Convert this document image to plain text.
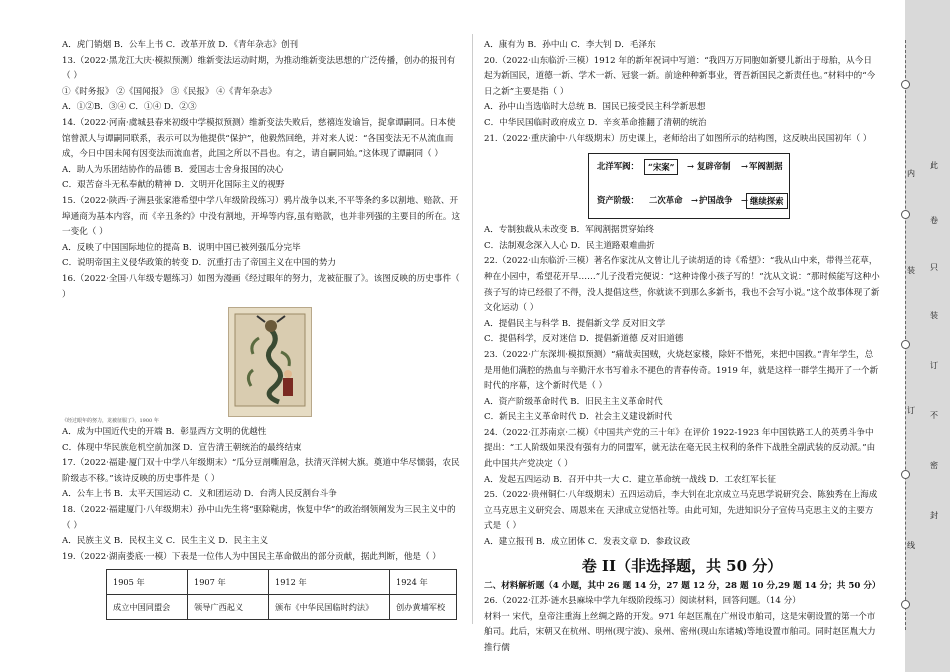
A．虎门销烟 B．公车上书 C．改革开放 D．《青年杂志》创刊

13.（2022·黑龙江大庆·模拟预测）维新变法运动时期，为推动维新变法思想的广泛传播，创办的报刊有（ ）

①《时务报》 ②《国闻报》 ③《民报》 ④《青年杂志》

A．①②B．③④ C．①④ D．②③

14.（2022·河南·虞城县春来初级中学模拟预测）维新变法失败后，慈禧连发谕旨，捉拿谭嗣同。日本使馆曾派人与谭嗣同联系，表示可以为他提供“保护”，他毅然回绝，并对来人说：“各国变法无不从流血而成，今日中国未闻有因变法而流血者，此国之所以不昌也。有之，请自嗣同始。”这体现了谭嗣同（ ）

A．助人为乐团结协作的品德 B．爱国志士舍身报国的决心

C．艰苦奋斗无私奉献的精神 D．文明开化国际主义的视野

15.（2022·陕西·子洲县张家港希望中学八年级阶段练习）鸦片战争以来,不平等条约多以割地、赔款、开埠通商为基本内容，而《辛丑条约》中没有割地，开埠等内容,虽有赔款，也并非列强的主要目的所在。这一变化（ ）

A．反映了中国国际地位的提高 B．说明中国已被列强瓜分完毕

C．说明帝国主义侵华政策的转变 D．沉重打击了帝国主义在中国的势力

16.（2022·全国·八年级专题练习）如图为漫画《经过眼年的努力，龙被征服了》。该图反映的历史事件（ ）

《经过眼年的努力，龙被征服了》，1900 年

A．成为中国近代史的开端 B．彰显西方文明的优越性

C．体现中华民族危机空前加深 D．宣告清王朝统治的最终结束

17.（2022·福建·厦门双十中学八年级期末）“瓜分豆剖嘶眉急，扶清灭洋树大旗。奠道中华尽懦弱，农民阶级志不移。”该诗反映的历史事件是（ ）

A．公车上书 B．太平天国运动 C．义和团运动 D．台湾人民反割台斗争

18.（2022·福建厦门·八年级期末）孙中山先生将“驱除鞑虏，恢复中华”的政治纲领阐发为三民主义中的（ ）

A．民族主义 B．民权主义 C．民生主义 D．民主主义

19.（2022·湖南娄底·一模）下表是一位伟人为中国民主革命做出的部分贡献，据此判断，他是（ ）

1905 年	1907 年	1912 年	1924 年
成立中国同盟会	领导广西起义	颁布《中华民国临时约法》	创办黄埔军校

A．康有为 B．孙中山 C．李大钊 D．毛泽东

20.（2022·山东临沂·三模）1912 年的新年祝词中写道：“我四万万同胞如新婴儿新出于母胎，从今日起为新国民，道德一新、学术一新、冠裳一新。前途种种新事业，胥吾新国民之新责任也。”材料中的“今日之新”主要是指（ ）

A．孙中山当选临时大总统 B．国民已接受民主科学新思想

C．中华民国临时政府成立 D．辛亥革命推翻了清朝的统治

21.（2022·重庆渝中·八年级期末）历史课上，老师给出了如图所示的结构图，这反映出民国初年（ ）

北洋军阀：	“宋案”	→ 复辟帝制	→ 军阀割据
资产阶级：	二次革命	→ 护国战争	→ 继续探索

A．专制独裁从未改变 B．军阀割据贯穿始终

C．法制观念深入人心 D．民主道路艰难曲折

22.（2022·山东临沂·三模）著名作家沈从文曾让儿子读胡适的诗《希望》：“我从山中来，带得兰花草，种在小园中，希望花开早……”儿子没看完便说：“这种诗像小孩子写的！”沈从文说：“那时候能写这种小孩子写的诗已经很了不得，没人提倡这些，你就读不到那么多新书，我也不会写小说。”这个故事体现了新文化运动（ ）

A．提倡民主与科学 B．提倡新文学 反对旧文学

C．提倡科学，反对迷信 D．提倡新道德 反对旧道德

23.（2022·广东深圳·模拟预测）“痛哉卖国贼，火烧赵家楼，除奸不惜死，来把中国救。”青年学生，总是用他们满腔的热血与辛勤汗水书写着永不褪色的青春传奇。1919 年，就是这样一群学生揭开了一个新时代的序幕，这个新时代是（ ）

A．资产阶级革命时代 B．旧民主主义革命时代

C．新民主主义革命时代 D．社会主义建设新时代

24.（2022·江苏南京·二模）《中国共产党的三十年》在评价 1922-1923 年中国铁路工人的英勇斗争中提出：“工人阶级如果没有强有力的同盟军，就无法在毫无民主权利的条件下战胜全副武装的反动派。”由此中国共产党决定（ ）

A．发起五四运动 B．召开中共一大 C．建立革命统一战线 D．工农红军长征

25.（2022·贵州铜仁·八年级期末）五四运动后，李大钊在北京成立马克思学说研究会、陈独秀在上海成立马克思主义研究会、周恩来在 天津成立觉悟社等。由此可知，先进知识分子宣传马克思主义的主要方式是（ ）

A．建立报刊 B．成立团体 C．发表文章 D．参政议政

卷 II（非选择题，共 50 分）

二、材料解析题（4 小题，其中 26 题 14 分，27 题 12 分，28 题 10 分,29 题 14 分；共 50 分）

26.（2022·江苏·涟水县麻垛中学九年级阶段练习）阅读材料，回答问题。（14 分）

材料一 宋代，皇帝注重海上丝绸之路的开发。971 年赵匡胤在广州设市舶司，这是宋朝设置的第一个市舶司。此后，宋朝又在杭州、明州(现宁波)、泉州、密州(现山东诸城)等地设置市舶司。同时赵匡胤大力推行儒

此
卷
只
装
订
不
密
封
内
装
订
线
